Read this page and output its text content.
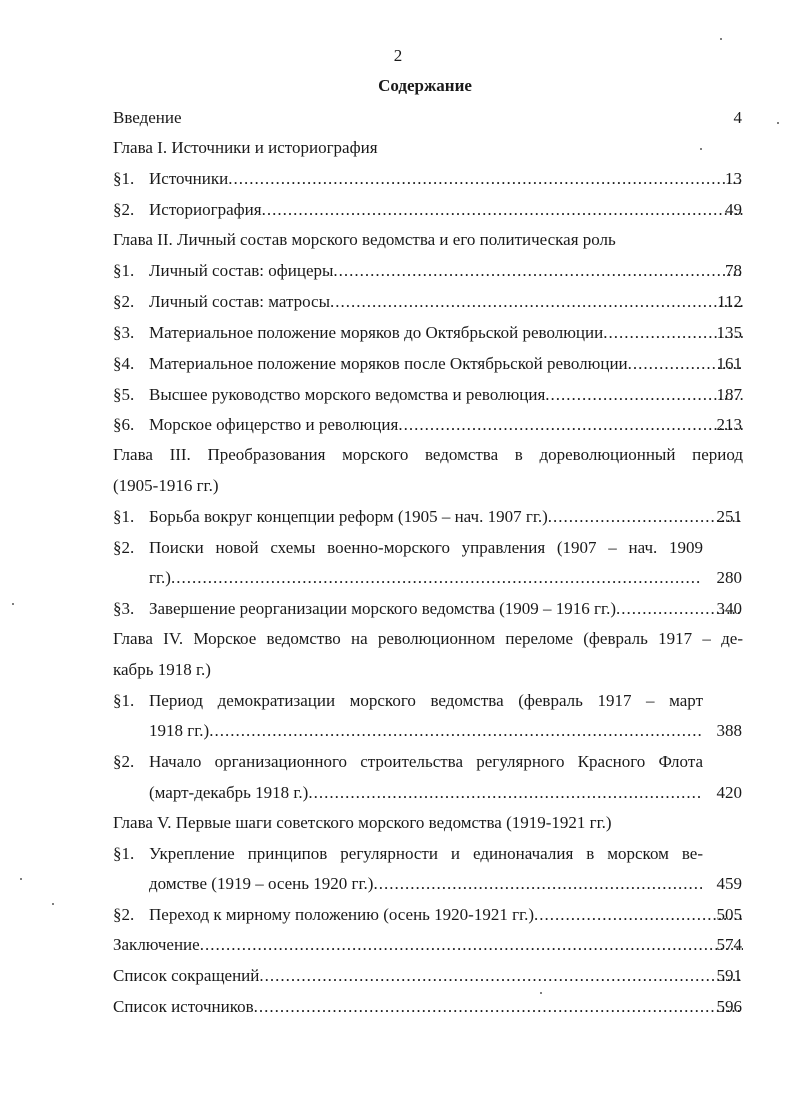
2
Содержание
Введение	4
Глава I. Источники и историография
§1. Источники .....	13
§2. Историография .....	49
Глава II. Личный состав морского ведомства и его политическая роль
§1. Личный состав: офицеры .....	78
§2. Личный состав: матросы .....	112
§3. Материальное положение моряков до Октябрьской революции .....	135
§4. Материальное положение моряков после Октябрьской революции .....	161
§5. Высшее руководство морского ведомства и революция .....	187
§6. Морское офицерство и революция .....	213
Глава III. Преобразования морского ведомства в дореволюционный период
(1905-1916 гг.)
§1. Борьба вокруг концепции реформ (1905 – нач. 1907 гг.) .....	251
§2. Поиски новой схемы военно-морского управления (1907 – нач. 1909
гг.) .....	280
§3. Завершение реорганизации морского ведомства (1909 – 1916 гг.) .....	340
Глава IV. Морское ведомство на революционном переломе (февраль 1917 – де-
кабрь 1918 г.)
§1. Период демократизации морского ведомства (февраль 1917 – март
1918 гг.) .....	388
§2. Начало организационного строительства регулярного Красного Флота
(март-декабрь 1918 г.) .....	420
Глава V. Первые шаги советского морского ведомства (1919-1921 гг.)
§1. Укрепление принципов регулярности и единоначалия в морском ве-
домстве (1919 – осень 1920 гг.) .....	459
§2. Переход к мирному положению (осень 1920-1921 гг.) .....	505
Заключение .....	574
Список сокращений .....	591
Список источников .....	596
